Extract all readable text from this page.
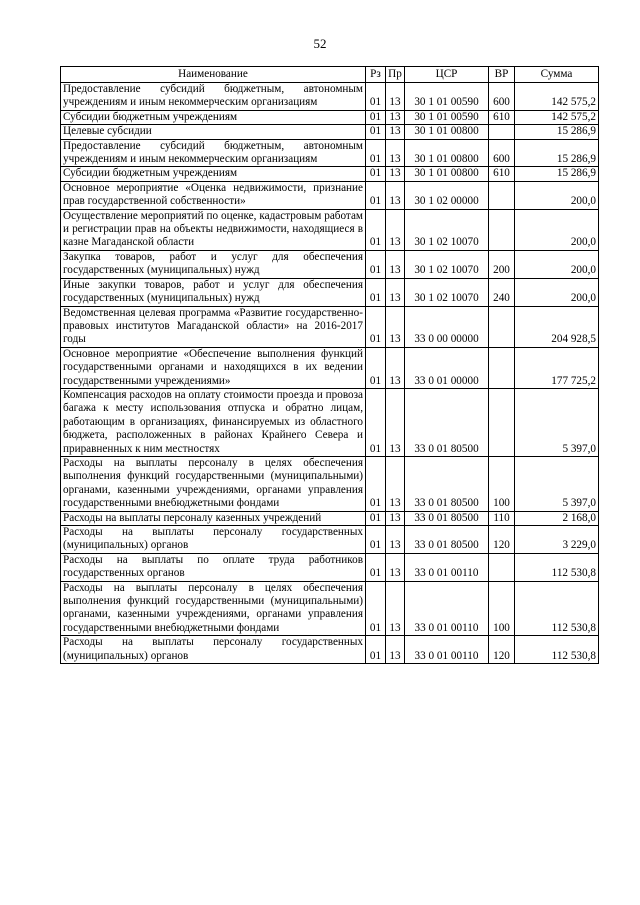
52
Наименование	Рз	Пр	ЦСР	ВР	Сумма
Предоставление субсидий бюджетным, автономным учреждениям и иным некоммерческим организациям	01	13	30 1 01 00590	600	142 575,2
Субсидии бюджетным учреждениям	01	13	30 1 01 00590	610	142 575,2
Целевые субсидии	01	13	30 1 01 00800		15 286,9
Предоставление субсидий бюджетным, автономным учреждениям и иным некоммерческим организациям	01	13	30 1 01 00800	600	15 286,9
Субсидии бюджетным учреждениям	01	13	30 1 01 00800	610	15 286,9
Основное мероприятие «Оценка недвижимости, признание прав государственной собственности»	01	13	30 1 02 00000		200,0
Осуществление мероприятий по оценке, кадастровым работам и регистрации прав на объекты недвижимости, находящиеся в казне Магаданской области	01	13	30 1 02 10070		200,0
Закупка товаров, работ и услуг для обеспечения государственных (муниципальных) нужд	01	13	30 1 02 10070	200	200,0
Иные закупки товаров, работ и услуг для обеспечения государственных (муниципальных) нужд	01	13	30 1 02 10070	240	200,0
Ведомственная целевая программа «Развитие государственно-правовых институтов Магаданской области» на 2016-2017 годы	01	13	33 0 00 00000		204 928,5
Основное мероприятие «Обеспечение выполнения функций государственными органами и находящихся в их ведении государственными учреждениями»	01	13	33 0 01 00000		177 725,2
Компенсация расходов на оплату стоимости проезда и провоза багажа к месту использования отпуска и обратно лицам, работающим в организациях, финансируемых из областного бюджета, расположенных в районах Крайнего Севера и приравненных к ним местностях	01	13	33 0 01 80500		5 397,0
Расходы на выплаты персоналу в целях обеспечения выполнения функций государственными (муниципальными) органами, казенными учреждениями, органами управления государственными внебюджетными фондами	01	13	33 0 01 80500	100	5 397,0
Расходы на выплаты персоналу казенных учреждений	01	13	33 0 01 80500	110	2 168,0
Расходы на выплаты персоналу государственных (муниципальных) органов	01	13	33 0 01 80500	120	3 229,0
Расходы на выплаты по оплате труда работников государственных органов	01	13	33 0 01 00110		112 530,8
Расходы на выплаты персоналу в целях обеспечения выполнения функций государственными (муниципальными) органами, казенными учреждениями, органами управления государственными внебюджетными фондами	01	13	33 0 01 00110	100	112 530,8
Расходы на выплаты персоналу государственных (муниципальных) органов	01	13	33 0 01 00110	120	112 530,8
